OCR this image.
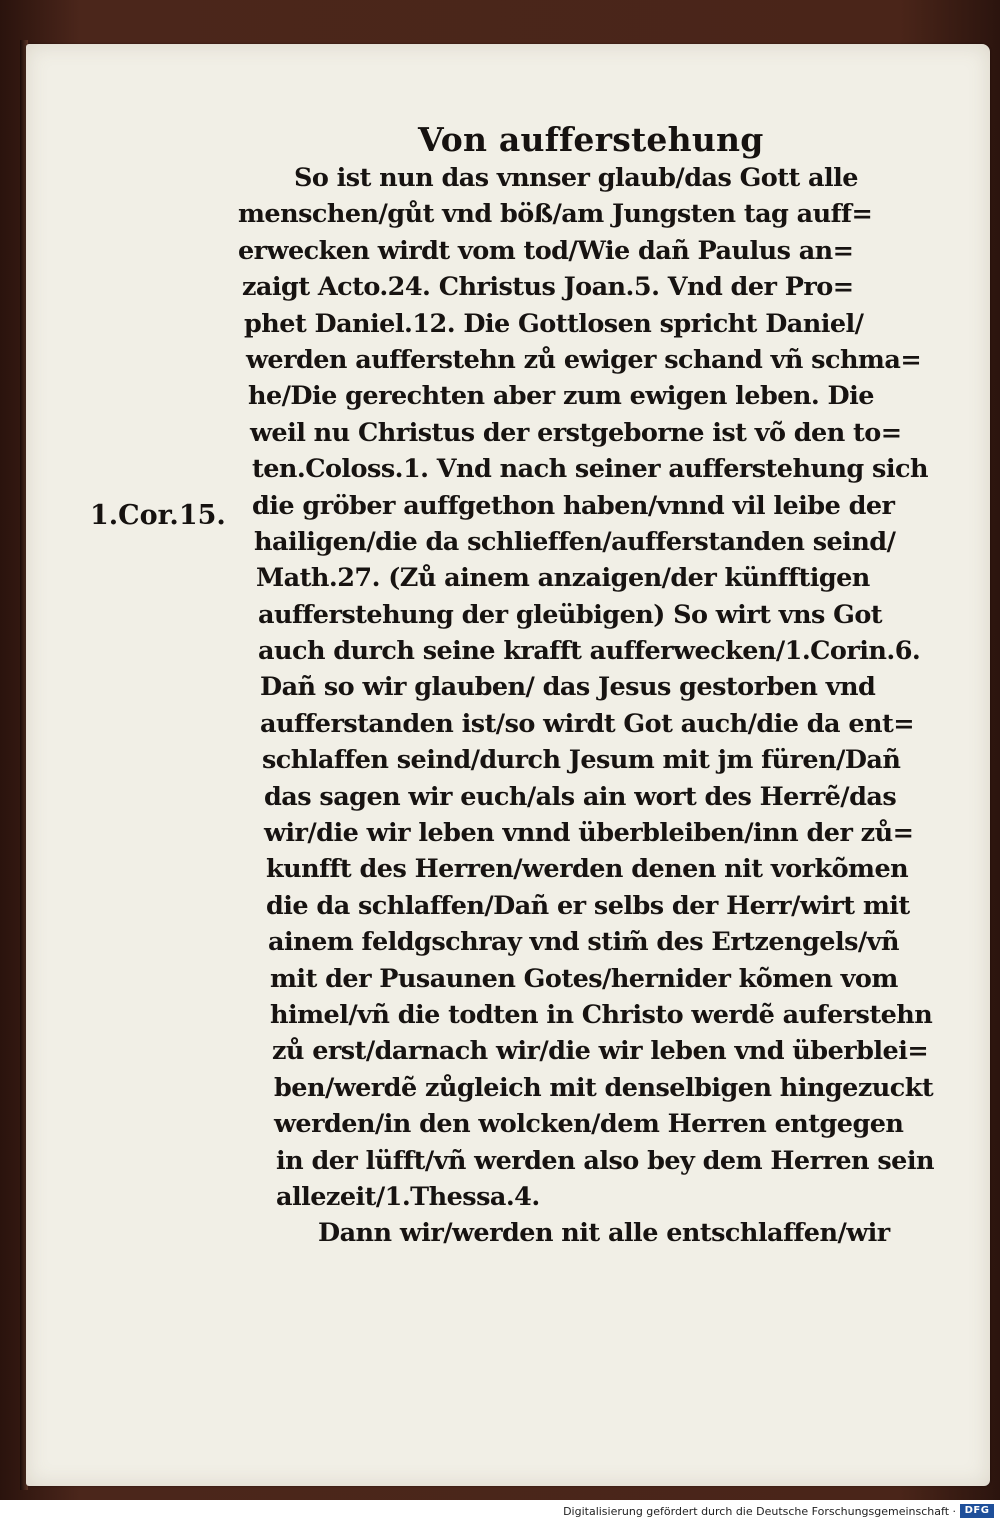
Von aufferstehung
1.Cor.15.
So ist nun das vnnser glaub/das Gott alle
menschen/gůt vnd böß/am Jungsten tag auff=
erwecken wirdt vom tod/Wie dañ Paulus an=
zaigt Acto.24. Christus Joan.5. Vnd der Pro=
phet Daniel.12. Die Gottlosen spricht Daniel/
werden aufferstehn zů ewiger schand vñ schma=
he/Die gerechten aber zum ewigen leben. Die
weil nu Christus der erstgeborne ist võ den to=
ten.Coloss.1. Vnd nach seiner aufferstehung sich
die gröber auffgethon haben/vnnd vil leibe der
hailigen/die da schlieffen/aufferstanden seind/
Math.27. (Zů ainem anzaigen/der künfftigen
aufferstehung der gleübigen) So wirt vns Got
auch durch seine krafft aufferwecken/1.Corin.6.
Dañ so wir glauben/ das Jesus gestorben vnd
aufferstanden ist/so wirdt Got auch/die da ent=
schlaffen seind/durch Jesum mit jm füren/Dañ
das sagen wir euch/als ain wort des Herrẽ/das
wir/die wir leben vnnd überbleiben/inn der zů=
kunfft des Herren/werden denen nit vorkõmen
die da schlaffen/Dañ er selbs der Herr/wirt mit
ainem feldgschray vnd stim̃ des Ertzengels/vñ
mit der Pusaunen Gotes/hernider kõmen vom
himel/vñ die todten in Christo werdẽ auferstehn
zů erst/darnach wir/die wir leben vnd überblei=
ben/werdẽ zůgleich mit denselbigen hingezuckt
werden/in den wolcken/dem Herren entgegen
in der lüfft/vñ werden also bey dem Herren sein
allezeit/1.Thessa.4.
Dann wir/werden nit alle entschlaffen/wir
Digitalisierung gefördert durch die Deutsche Forschungsgemeinschaft · DFG
